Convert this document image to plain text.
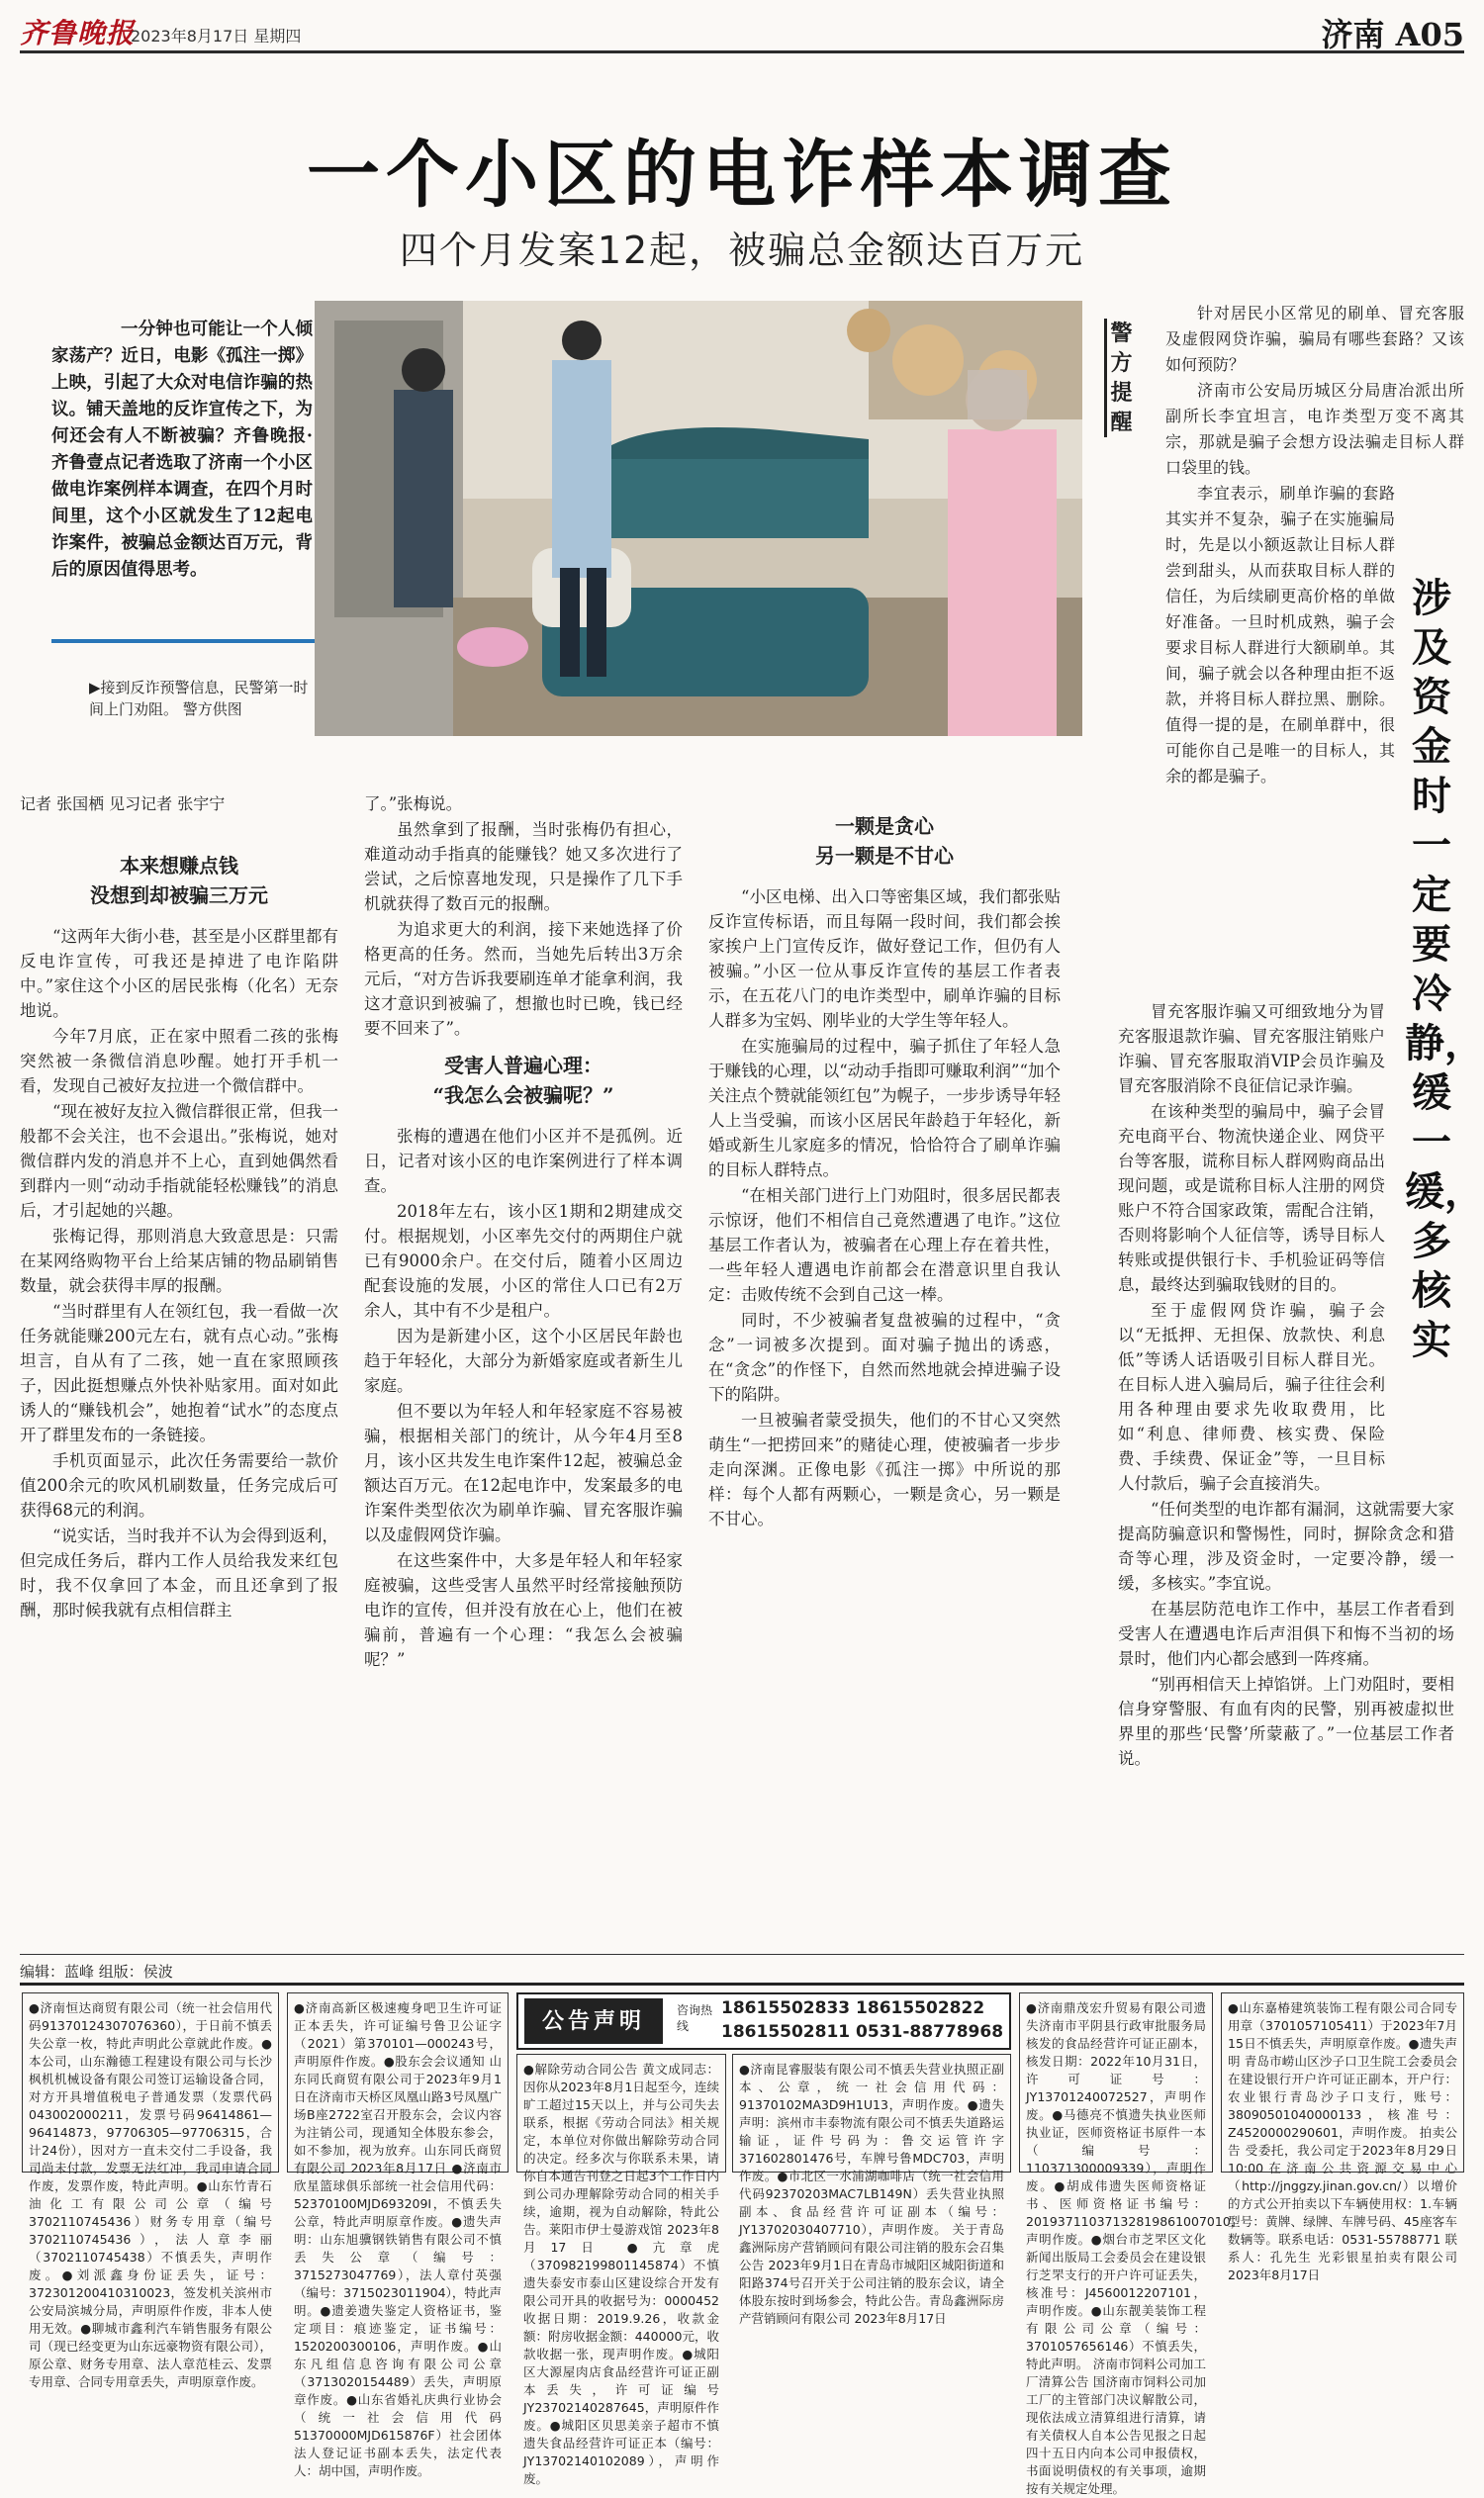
齐鲁晚报
2023年8月17日 星期四	济南 A05
一个小区的电诈样本调查
四个月发案12起，被骗总金额达百万元
一分钟也可能让一个人倾家荡产？近日，电影《孤注一掷》上映，引起了大众对电信诈骗的热议。铺天盖地的反诈宣传之下，为何还会有人不断被骗？齐鲁晚报·齐鲁壹点记者选取了济南一个小区做电诈案例样本调查，在四个月时间里，这个小区就发生了12起电诈案件，被骗总金额达百万元，背后的原因值得思考。
▶接到反诈预警信息，民警第一时间上门劝阻。 警方供图
警方提醒

针对居民小区常见的刷单、冒充客服及虚假网贷诈骗，骗局有哪些套路？又该如何预防？

济南市公安局历城区分局唐冶派出所副所长李宜坦言，电诈类型万变不离其宗，那就是骗子会想方设法骗走目标人群口袋里的钱。

李宜表示，刷单诈骗的套路其实并不复杂，骗子在实施骗局时，先是以小额返款让目标人群尝到甜头，从而获取目标人群的信任，为后续刷更高价格的单做好准备。一旦时机成熟，骗子会要求目标人群进行大额刷单。其间，骗子就会以各种理由拒不返款，并将目标人群拉黑、删除。值得一提的是，在刷单群中，很可能你自己是唯一的目标人，其余的都是骗子。

涉及资金时一定要冷静，缓一缓，多核实
记者 张国栖 见习记者 张宇宁
本来想赚点钱
没想到却被骗三万元

“这两年大街小巷，甚至是小区群里都有反电诈宣传，可我还是掉进了电诈陷阱中。”家住这个小区的居民张梅（化名）无奈地说。

今年7月底，正在家中照看二孩的张梅突然被一条微信消息吵醒。她打开手机一看，发现自己被好友拉进一个微信群中。

“现在被好友拉入微信群很正常，但我一般都不会关注，也不会退出。”张梅说，她对微信群内发的消息并不上心，直到她偶然看到群内一则“动动手指就能轻松赚钱”的消息后，才引起她的兴趣。

张梅记得，那则消息大致意思是：只需在某网络购物平台上给某店铺的物品刷销售数量，就会获得丰厚的报酬。

“当时群里有人在领红包，我一看做一次任务就能赚200元左右，就有点心动。”张梅坦言，自从有了二孩，她一直在家照顾孩子，因此挺想赚点外快补贴家用。面对如此诱人的“赚钱机会”，她抱着“试水”的态度点开了群里发布的一条链接。

手机页面显示，此次任务需要给一款价值200余元的吹风机刷数量，任务完成后可获得68元的利润。

“说实话，当时我并不认为会得到返利，但完成任务后，群内工作人员给我发来红包时，我不仅拿回了本金，而且还拿到了报酬，那时候我就有点相信群主

了。”张梅说。

虽然拿到了报酬，当时张梅仍有担心，难道动动手指真的能赚钱？她又多次进行了尝试，之后惊喜地发现，只是操作了几下手机就获得了数百元的报酬。

为追求更大的利润，接下来她选择了价格更高的任务。然而，当她先后转出3万余元后，“对方告诉我要刷连单才能拿利润，我这才意识到被骗了，想撤也时已晚，钱已经要不回来了”。

受害人普遍心理：
“我怎么会被骗呢？”

张梅的遭遇在他们小区并不是孤例。近日，记者对该小区的电诈案例进行了样本调查。

2018年左右，该小区1期和2期建成交付。根据规划，小区率先交付的两期住户就已有9000余户。在交付后，随着小区周边配套设施的发展，小区的常住人口已有2万余人，其中有不少是租户。

因为是新建小区，这个小区居民年龄也趋于年轻化，大部分为新婚家庭或者新生儿家庭。

但不要以为年轻人和年轻家庭不容易被骗，根据相关部门的统计，从今年4月至8月，该小区共发生电诈案件12起，被骗总金额达百万元。在12起电诈中，发案最多的电诈案件类型依次为刷单诈骗、冒充客服诈骗以及虚假网贷诈骗。

在这些案件中，大多是年轻人和年轻家庭被骗，这些受害人虽然平时经常接触预防电诈的宣传，但并没有放在心上，他们在被骗前，普遍有一个心理：“我怎么会被骗呢？”

一颗是贪心
另一颗是不甘心

“小区电梯、出入口等密集区域，我们都张贴反诈宣传标语，而且每隔一段时间，我们都会挨家挨户上门宣传反诈，做好登记工作，但仍有人被骗。”小区一位从事反诈宣传的基层工作者表示，在五花八门的电诈类型中，刷单诈骗的目标人群多为宝妈、刚毕业的大学生等年轻人。

在实施骗局的过程中，骗子抓住了年轻人急于赚钱的心理，以“动动手指即可赚取利润”“加个关注点个赞就能领红包”为幌子，一步步诱导年轻人上当受骗，而该小区居民年龄趋于年轻化，新婚或新生儿家庭多的情况，恰恰符合了刷单诈骗的目标人群特点。

“在相关部门进行上门劝阻时，很多居民都表示惊讶，他们不相信自己竟然遭遇了电诈。”这位基层工作者认为，被骗者在心理上存在着共性，一些年轻人遭遇电诈前都会在潜意识里自我认定：击败传统不会到自己这一棒。

同时，不少被骗者复盘被骗的过程中，“贪念”一词被多次提到。面对骗子抛出的诱惑，在“贪念”的作怪下，自然而然地就会掉进骗子设下的陷阱。

一旦被骗者蒙受损失，他们的不甘心又突然萌生“一把捞回来”的赌徒心理，使被骗者一步步走向深渊。正像电影《孤注一掷》中所说的那样：每个人都有两颗心，一颗是贪心，另一颗是不甘心。

冒充客服诈骗又可细致地分为冒充客服退款诈骗、冒充客服注销账户诈骗、冒充客服取消VIP会员诈骗及冒充客服消除不良征信记录诈骗。

在该种类型的骗局中，骗子会冒充电商平台、物流快递企业、网贷平台等客服，谎称目标人群网购商品出现问题，或是谎称目标人注册的网贷账户不符合国家政策，需配合注销，否则将影响个人征信等，诱导目标人转账或提供银行卡、手机验证码等信息，最终达到骗取钱财的目的。

至于虚假网贷诈骗，骗子会以“无抵押、无担保、放款快、利息低”等诱人话语吸引目标人群目光。在目标人进入骗局后，骗子往往会利用各种理由要求先收取费用，比如“利息、律师费、核实费、保险费、手续费、保证金”等，一旦目标人付款后，骗子会直接消失。

“任何类型的电诈都有漏洞，这就需要大家提高防骗意识和警惕性，同时，摒除贪念和猎奇等心理，涉及资金时，一定要冷静，缓一缓，多核实。”李宜说。

在基层防范电诈工作中，基层工作者看到受害人在遭遇电诈后声泪俱下和悔不当初的场景时，他们内心都会感到一阵疼痛。

“别再相信天上掉馅饼。上门劝阻时，要相信身穿警服、有血有肉的民警，别再被虚拟世界里的那些‘民警’所蒙蔽了。”一位基层工作者说。

编辑：蓝峰 组版：侯波
●济南恒达商贸有限公司（统一社会信用代码91370124307076360），于日前不慎丢失公章一枚，特此声明此公章就此作废。●本公司，山东瀚德工程建设有限公司与长沙枫机机械设备有限公司签订运输设备合同，对方开具增值税电子普通发票（发票代码043002000211，发票号码96414861—96414873，97706305—97706315，合计24份），因对方一直未交付二手设备，我司尚未付款，发票无法红冲，我司申请合同作废，发票作废，特此声明。●山东竹青石油化工有限公司公章（编号3702110745436）财务专用章（编号3702110745436），法人章李丽（3702110745438）不慎丢失，声明作废。●刘派鑫身份证丢失，证号：372301200410310023，签发机关滨州市公安局滨城分局，声明原件作废，非本人使用无效。●聊城市鑫利汽车销售服务有限公司（现已经变更为山东远豪物资有限公司），原公章、财务专用章、法人章范桂云、发票专用章、合同专用章丢失，声明原章作废。
●济南高新区极速瘦身吧卫生许可证正本丢失，许可证编号鲁卫公证字（2021）第370101—000243号，声明原件作废。●股东会会议通知 山东同氏商贸有限公司于2023年9月1日在济南市天桥区凤凰山路3号凤凰广场B座2722室召开股东会，会议内容为注销公司，现通知全体股东参会，如不参加，视为放弃。山东同氏商贸有限公司 2023年8月17日 ●济南市欣星篮球俱乐部统一社会信用代码：52370100MJD693209I，不慎丢失公章，特此声明原章作废。●遗失声明：山东旭骥钢铁销售有限公司不慎丢失公章（编号：3715273047769），法人章付英强（编号：3715023011904），特此声明。●遗姜遗失鉴定人资格证书，鉴定项目：痕迹鉴定，证书编号：1520200300106，声明作废。●山东凡组信息咨询有限公司公章（3713020154489）丢失，声明原章作废。●山东省婚礼庆典行业协会（统一社会信用代码51370000MJD615876F）社会团体法人登记证书副本丢失，法定代表人：胡中国，声明作废。
公告声明	咨询热线
18615502833 18615502822
18615502811 0531-88778968
●解除劳动合同公告 黄文成同志：因你从2023年8月1日起至今，连续旷工超过15天以上，并与公司失去联系，根据《劳动合同法》相关规定，本单位对你做出解除劳动合同的决定。经多次与你联系未果，请你自本通告刊登之日起3个工作日内到公司办理解除劳动合同的相关手续，逾期，视为自动解除，特此公告。莱阳市伊士曼游戏馆 2023年8月17日 ●亢章虎（370982199801145874）不慎遗失泰安市泰山区建设综合开发有限公司开具的收据号为：0000452收据日期：2019.9.26，收款金额：附房收据金额：440000元，收款收据一张，现声明作废。●城阳区大源屋肉店食品经营许可证正副本丢失，许可证编号JY23702140287645，声明原件作废。●城阳区贝思美亲子超市不慎遗失食品经营许可证正本（编号：JY13702140102089），声明作废。
●济南昆睿服装有限公司不慎丢失营业执照正副本、公章，统一社会信用代码：91370102MA3D9H1U13，声明作废。●遗失声明：滨州市丰泰物流有限公司不慎丢失道路运输证，证件号码为：鲁交运管许字371602801476号，车牌号鲁MDC703，声明作废。●市北区一水浦湖咖啡店（统一社会信用代码92370203MAC7LB149N）丢失营业执照副本、食品经营许可证副本（编号：JY13702030407710），声明作废。 关于青岛鑫洲际房产营销顾问有限公司注销的股东会召集公告 2023年9月1日在青岛市城阳区城阳街道和阳路374号召开关于公司注销的股东会议，请全体股东按时到场参会，特此公告。青岛鑫洲际房产营销顾问有限公司 2023年8月17日
●济南鼎茂宏升贸易有限公司遗失济南市平阴县行政审批服务局核发的食品经营许可证正副本，核发日期：2022年10月31日，许可证号：JY13701240072527，声明作废。●马德亮不慎遗失执业医师执业证，医师资格证书原件一本（编号：110371300009339），声明作废。●胡成伟遗失医师资格证书、医师资格证书编号：20193711037132819861007010，声明作废。●烟台市芝罘区文化新闻出版局工会委员会在建设银行芝罘支行的开户许可证丢失，核准号：J4560012207101，声明作废。●山东靓美装饰工程有限公司公章（编号：3701057656146）不慎丢失，特此声明。 济南市饲料公司加工厂清算公告 国济南市饲料公司加工厂的主管部门决议解散公司，现依法成立清算组进行清算，请有关债权人自本公告见报之日起四十五日内向本公司申报债权，书面说明债权的有关事项，逾期按有关规定处理。
●山东嘉椿建筑装饰工程有限公司合同专用章（3701057105411）于2023年7月15日不慎丢失，声明原章作废。●遗失声明 青岛市崂山区沙子口卫生院工会委员会在建设银行开户许可证正副本，开户行：农业银行青岛沙子口支行，账号：38090501040000133，核准号：Z4520000290601，声明作废。 拍卖公告 受委托，我公司定于2023年8月29日10:00在济南公共资源交易中心（http://jnggzy.jinan.gov.cn/）以增价的方式公开拍卖以下车辆使用权：1.车辆型号：黄牌、绿牌、车牌号码、45座客车数辆等。联系电话：0531-55788771 联系人：孔先生 光彩银星拍卖有限公司 2023年8月17日
